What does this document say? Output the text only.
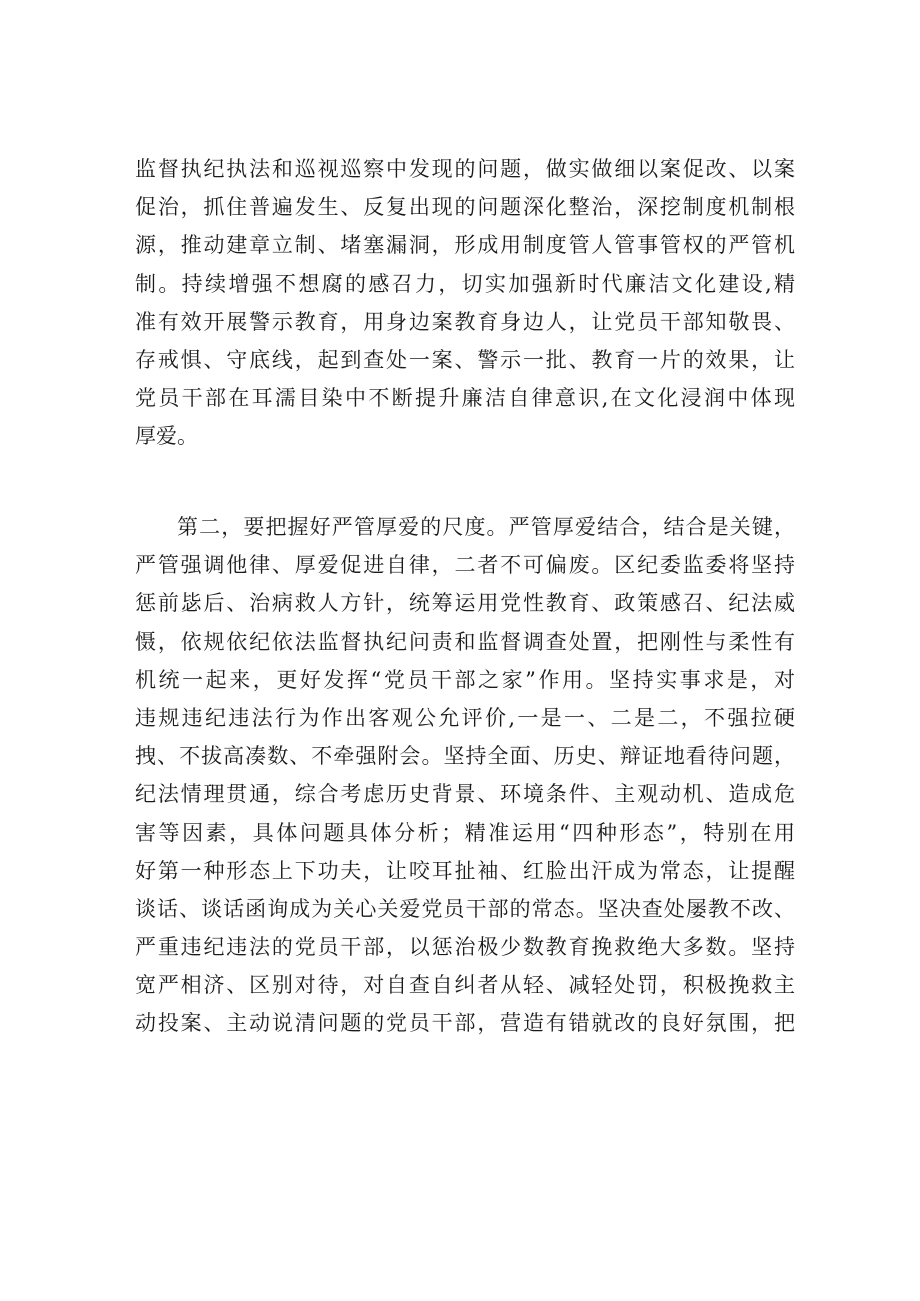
监督执纪执法和巡视巡察中发现的问题，做实做细以案促改、以案
促治，抓住普遍发生、反复出现的问题深化整治，深挖制度机制根
源，推动建章立制、堵塞漏洞，形成用制度管人管事管权的严管机
制。持续增强不想腐的感召力，切实加强新时代廉洁文化建设,精
准有效开展警示教育，用身边案教育身边人，让党员干部知敬畏、
存戒惧、守底线，起到查处一案、警示一批、教育一片的效果，让
党员干部在耳濡目染中不断提升廉洁自律意识,在文化浸润中体现
厚爱。
第二，要把握好严管厚爱的尺度。严管厚爱结合，结合是关键，
严管强调他律、厚爱促进自律，二者不可偏废。区纪委监委将坚持
惩前毖后、治病救人方针，统筹运用党性教育、政策感召、纪法威
慑，依规依纪依法监督执纪问责和监督调查处置，把刚性与柔性有
机统一起来，更好发挥“党员干部之家”作用。坚持实事求是，对
违规违纪违法行为作出客观公允评价,一是一、二是二，不强拉硬
拽、不拔高凑数、不牵强附会。坚持全面、历史、辩证地看待问题，
纪法情理贯通，综合考虑历史背景、环境条件、主观动机、造成危
害等因素，具体问题具体分析；精准运用“四种形态”，特别在用
好第一种形态上下功夫，让咬耳扯袖、红脸出汗成为常态，让提醒
谈话、谈话函询成为关心关爱党员干部的常态。坚决查处屡教不改、
严重违纪违法的党员干部，以惩治极少数教育挽救绝大多数。坚持
宽严相济、区别对待，对自查自纠者从轻、减轻处罚，积极挽救主
动投案、主动说清问题的党员干部，营造有错就改的良好氛围，把
